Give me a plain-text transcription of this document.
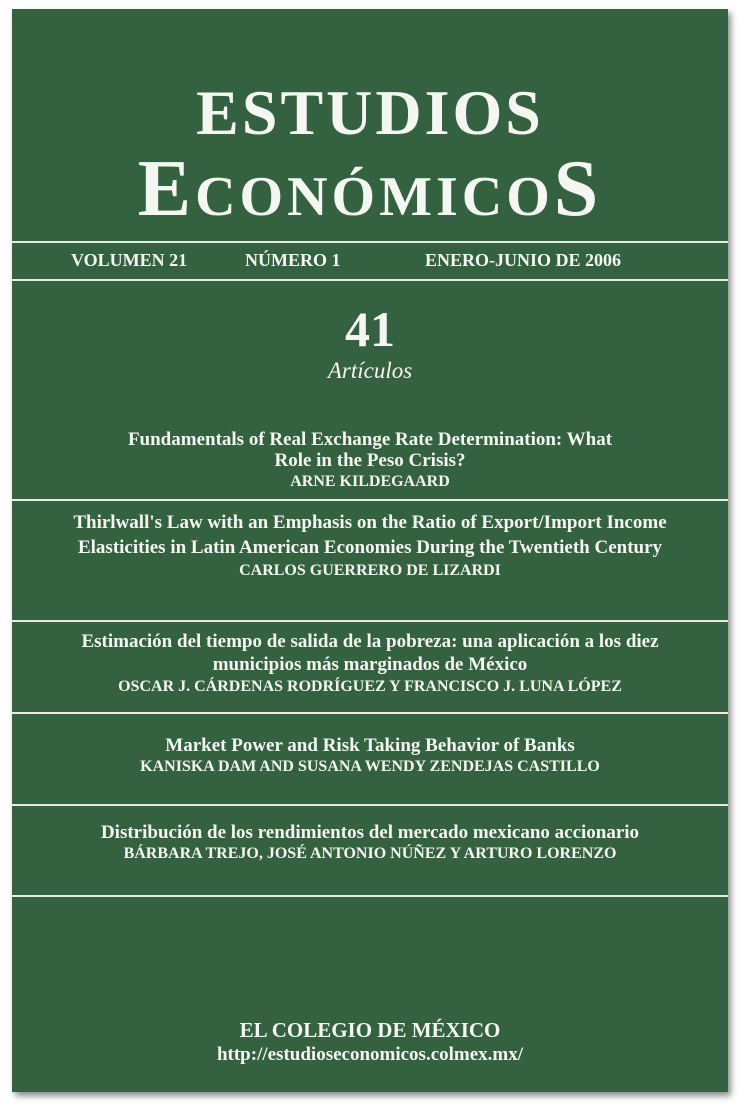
ESTUDIOS
EconómicoS
VOLUMEN 21	NÚMERO 1	ENERO-JUNIO DE 2006
41
Artículos
Fundamentals of Real Exchange Rate Determination: What Role in the Peso Crisis?
ARNE KILDEGAARD
Thirlwall's Law with an Emphasis on the Ratio of Export/Import Income Elasticities in Latin American Economies During the Twentieth Century
CARLOS GUERRERO DE LIZARDI
Estimación del tiempo de salida de la pobreza: una aplicación a los diez municipios más marginados de México
OSCAR J. CÁRDENAS RODRÍGUEZ Y FRANCISCO J. LUNA LÓPEZ
Market Power and Risk Taking Behavior of Banks
KANISKA DAM AND SUSANA WENDY ZENDEJAS CASTILLO
Distribución de los rendimientos del mercado mexicano accionario
BÁRBARA TREJO, JOSÉ ANTONIO NÚÑEZ Y ARTURO LORENZO
EL COLEGIO DE MÉXICO
http://estudioseconomicos.colmex.mx/
